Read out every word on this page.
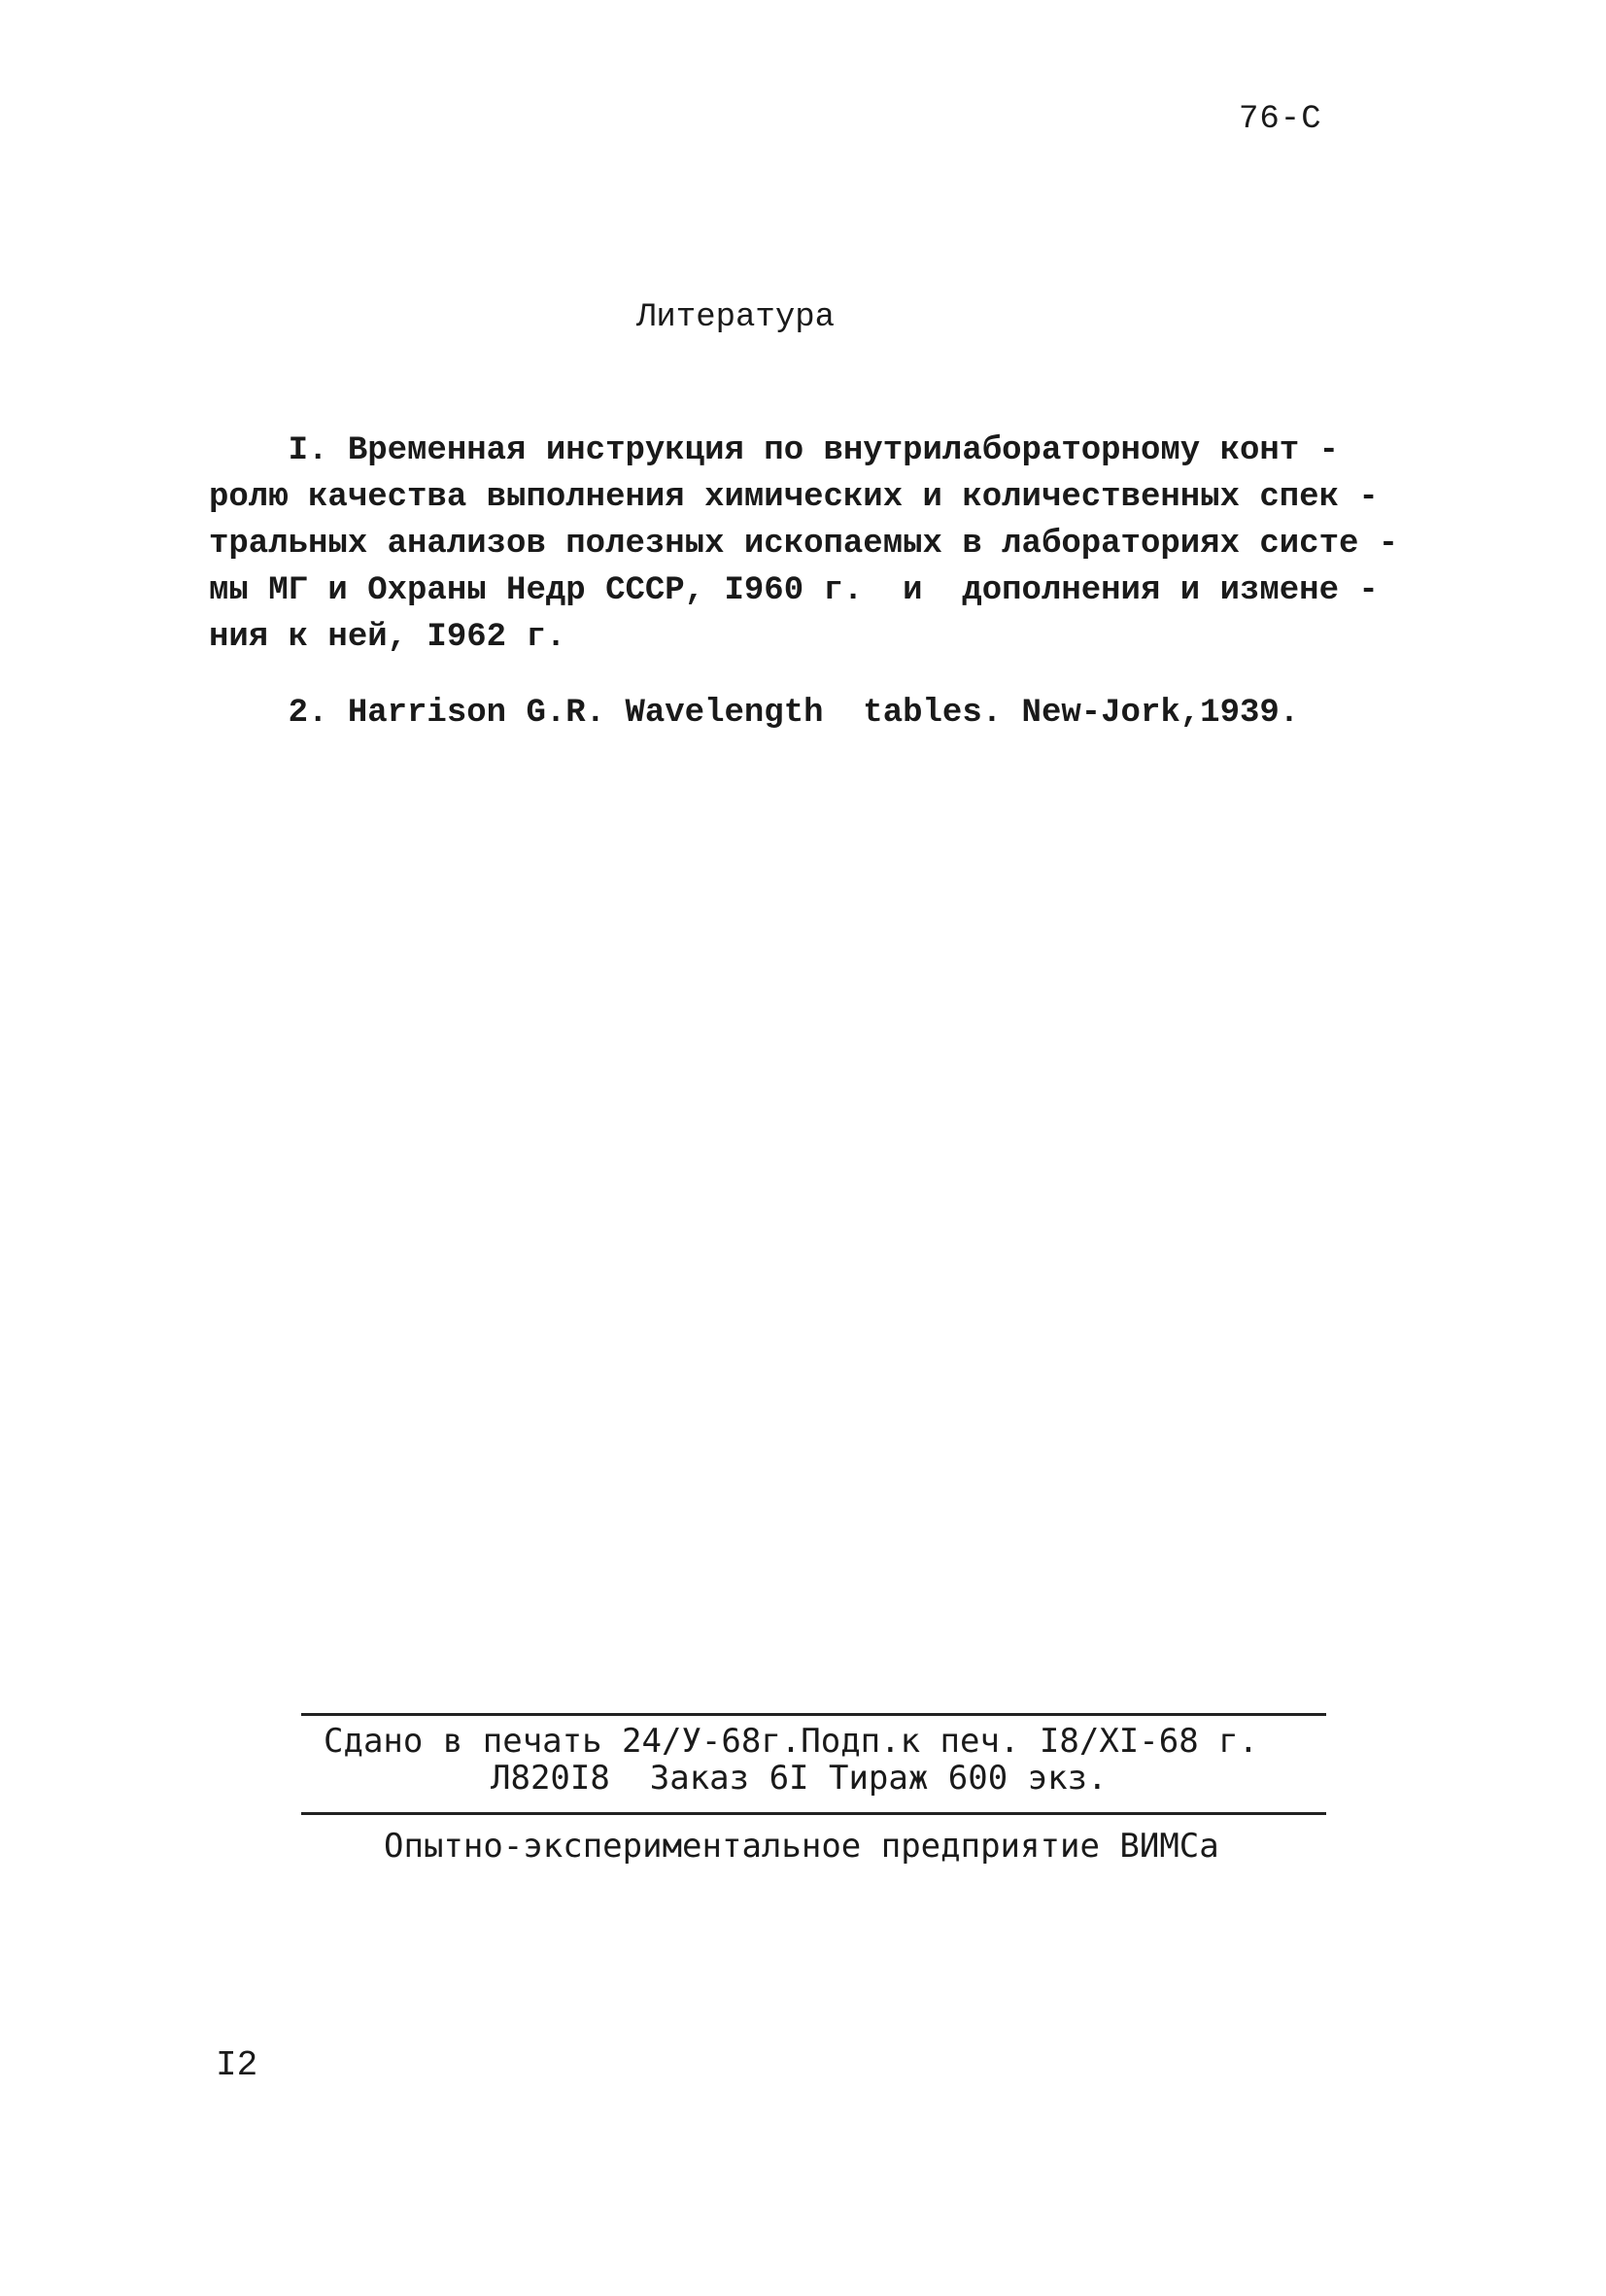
76-С
Литература
I. Временная инструкция по внутрилабораторному конт -
ролю качества выполнения химических и количественных спек -
тральных анализов полезных ископаемых в лабораториях систе -
мы МГ и Охраны Недр СССР, I960 г.  и  дополнения и измене -
ния к ней, I962 г.
2. Harrison G.R. Wavelength  tables. New-Jork,1939.
Сдано в печать 24/У-68г.Подп.к печ. I8/XI-68 г.
Л820I8  Заказ 6I Тираж 600 экз.
Опытно-экспериментальное предприятие ВИМСа
I2
